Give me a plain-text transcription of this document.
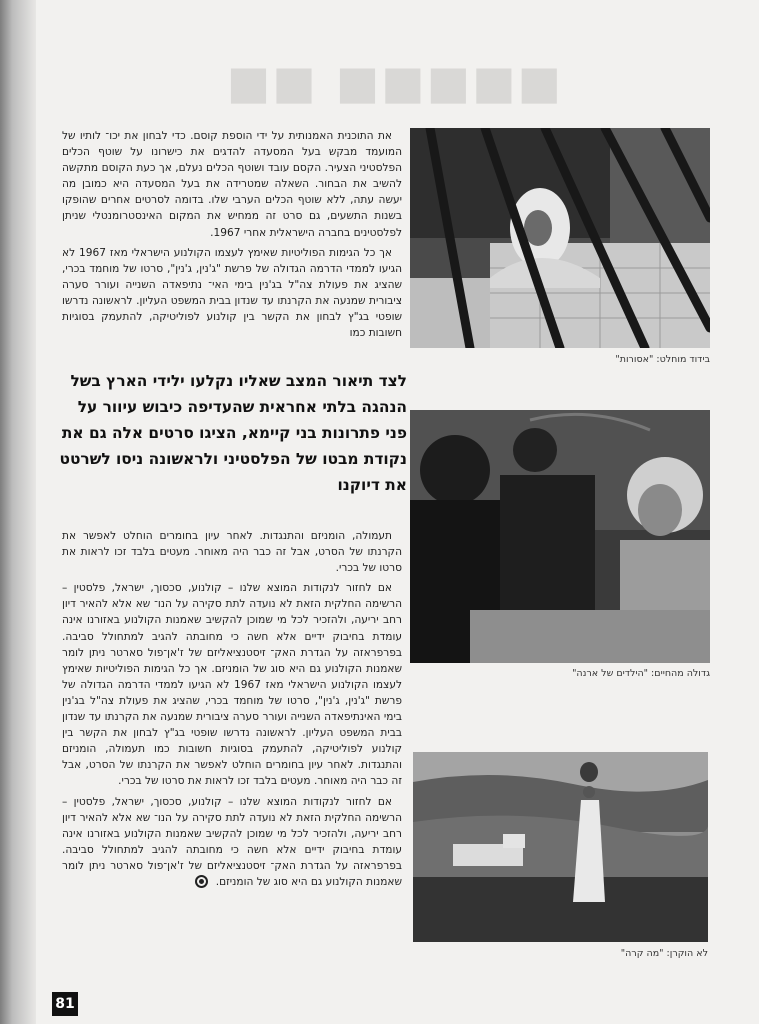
■■■■■ ■■

את התוכנית האמנותית על ידי הוספת קוסם. כדי לבחון את יכו־ לותיו של המועמד מבקש בעל המסעדה להדגים את כישרונו על שוטף הכלים הפלסטיני הצעיר. הקסם עובד ושוטף הכלים נעלם, אך כעת הקוסם מתקשה להשיב את הבחור. השאלה שמטרידה את בעל המסעדה היא כמובן מה יעשה עתה, ללא שוטף הכלים הערבי שלו. בדומה לסרטים אחרים שהופקו בשנות התשעים, גם סרט זה ממחיש את המקום האינסטרומנטלי שניתן לפלסטינים בחברה הישראלית אחרי 1967.

אך כל הגימות הפוליטיות שאימץ לעצמו הקולנוע הישראלי מאז 1967 לא הגיעו לממדי הדרמה הגדולה של פרשת "ג'נין, ג'נין", סרטו של מוחמד בכרי, שהציג את פעולת צה"ל בג'נין בימי האי־ נתיפאדה השנייה ועורר סערה ציבורית שמנעה את הקרנתו עד שנדון בבית המשפט העליון. לראשונה נדרשו שופטי בג"ץ לבחון את הקשר בין קולנוע לפוליטיקה, להתעמק בסוגיות חשובות כמו

לצד תיאור המצב שאליו נקלעו ילידי הארץ בשל הנהגה בלתי אחראית שהעדיפה כיבוש עיוור על פני פתרונות בני קיימא, הציגו סרטים אלה גם את נקודת מבטו של הפלסטיני ולראשונה ניסו לשרטט את דיוקנו

תעמולה, הומניזם והתנגדות. לאחר עיון בחומרים הוחלט לאפשר את הקרנתו של הסרט, אבל זה כבר היה מאוחר. מעטים בלבד זכו לראות את סרטו של בכרי.

אם לחזור לנקודות המוצא שלנו – קולנוע, סכסוך, ישראל, פלסטין – הרשימה החלקית הזאת לא נועדה לתת סקירה על הנו־ שא אלא להאיר דיון רחב יריעה, ולהזכיר לכל מי שמוכן להקשיב שאמנות הקולנוע באזורנו אינה עומדת בחיבוק ידיים אלא חשה כי מחובתה להגיב למתחולל סביבה. בפרפראזה על הגדרת האק־ זיסטנציאליזם של ז'אן־פול סארטר ניתן לומר שאמנות הקולנוע גם היא סוג של הומניזם. אך כל הגימות הפוליטיות שאימץ לעצמו הקולנוע הישראלי מאז 1967 לא הגיעו לממדי הדרמה הגדולה של פרשת "ג'נין, ג'נין", סרטו של מוחמד בכרי, שהציג את פעולת צה"ל בג'נין בימי האינתיפאדה השנייה ועורר סערה ציבורית שמנעה את הקרנתו עד שנדון בבית המשפט העליון. לראשונה נדרשו שופטי בג"ץ לבחון את הקשר בין קולנוע לפוליטיקה, להתעמק בסוגיות חשובות כמו תעמולה, הומניזם והתנגדות. לאחר עיון בחומרים הוחלט לאפשר את הקרנתו של הסרט, אבל זה כבר היה מאוחר. מעטים בלבד זכו לראות את סרטו של בכרי.

אם לחזור לנקודות המוצא שלנו – קולנוע, סכסוך, ישראל, פלסטין – הרשימה החלקית הזאת לא נועדה לתת סקירה על הנו־ שא אלא להאיר דיון רחב יריעה, ולהזכיר לכל מי שמוכן להקשיב שאמנות הקולנוע באזורנו אינה עומדת בחיבוק ידיים אלא חשה כי מחובתה להגיב למתחולל סביבה. בפרפראזה על הגדרת האק־ זיסטנציאליזם של ז'אן־פול סארטר ניתן לומר שאמנות הקולנוע גם היא סוג של הומניזם.

בידוד מוחלט: "אסורות"
גדולה מהחיים: "הילדים של ארנה"
לא הוקרן: "מה קרה"
81
